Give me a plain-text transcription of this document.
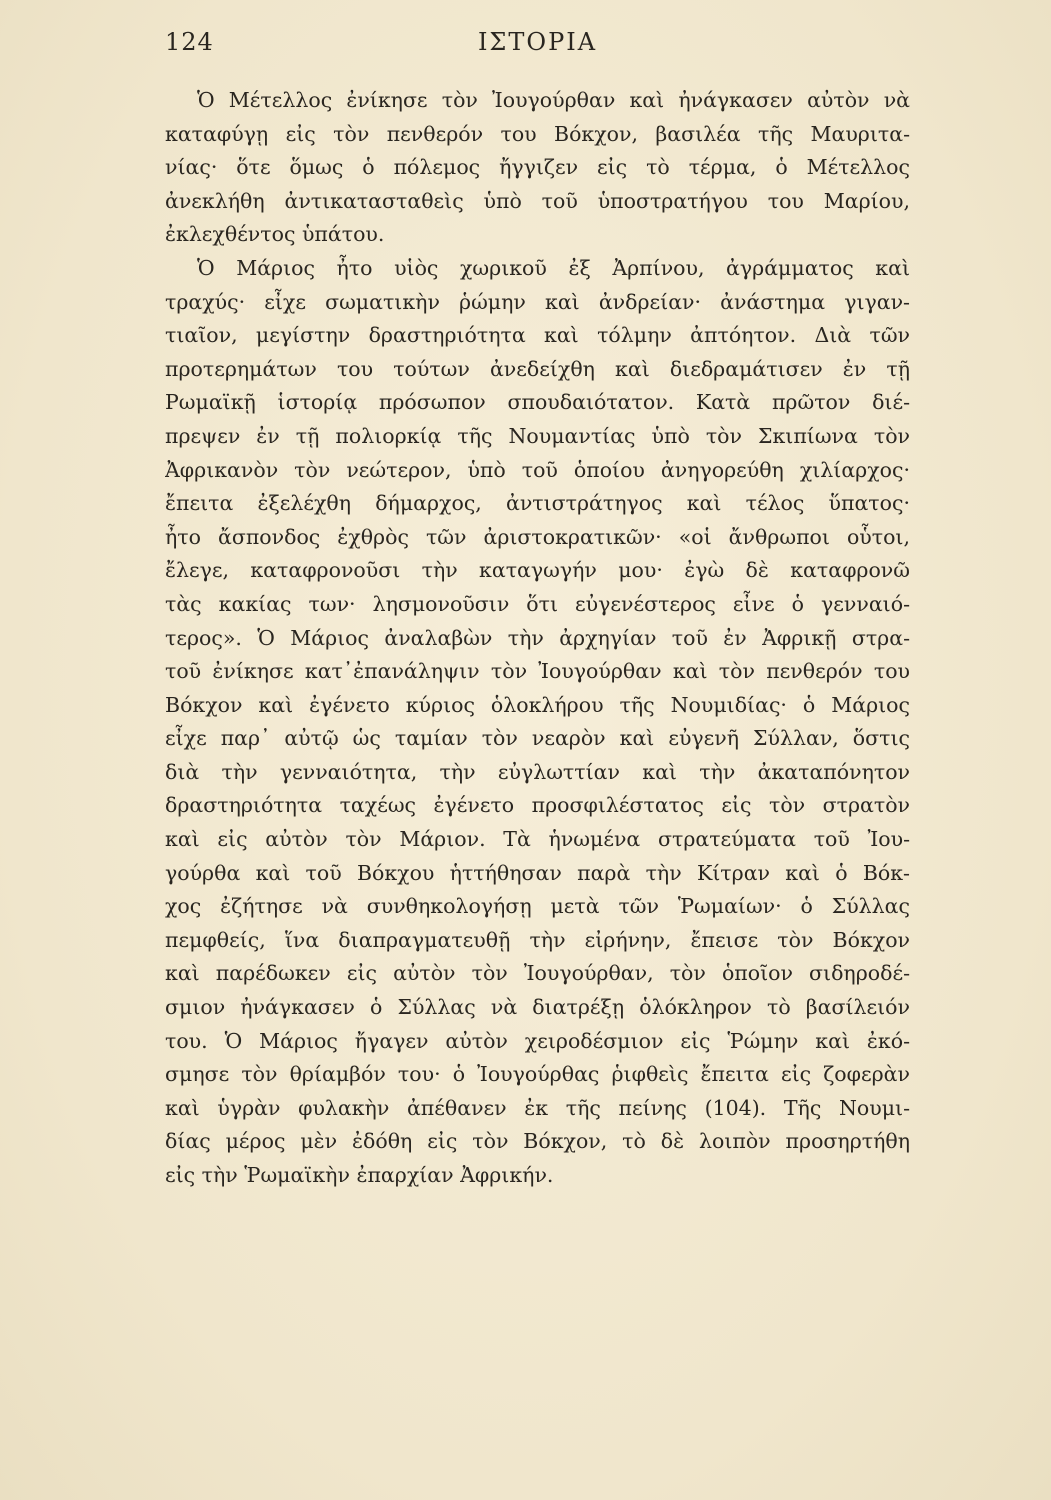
124	ΙΣΤΟΡΙΑ
Ὁ Μέτελλος ἐνίκησε τὸν Ἰουγούρθαν καὶ ἠνάγκασεν αὐτὸν νὰ
καταφύγῃ εἰς τὸν πενθερόν του Βόκχον, βασιλέα τῆς Μαυριτα-
νίας· ὅτε ὅμως ὁ πόλεμος ἤγγιζεν εἰς τὸ τέρμα, ὁ Μέτελλος
ἀνεκλήθη ἀντικατασταθεὶς ὑπὸ τοῦ ὑποστρατήγου του Μαρίου,
ἐκλεχθέντος ὑπάτου.
Ὁ Μάριος ἦτο υἱὸς χωρικοῦ ἐξ Ἀρπίνου, ἀγράμματος καὶ
τραχύς· εἶχε σωματικὴν ῥώμην καὶ ἀνδρείαν· ἀνάστημα γιγαν-
τιαῖον, μεγίστην δραστηριότητα καὶ τόλμην ἀπτόητον. Διὰ τῶν
προτερημάτων του τούτων ἀνεδείχθη καὶ διεδραμάτισεν ἐν τῇ
Ρωμαϊκῇ ἱστορίᾳ πρόσωπον σπουδαιότατον. Κατὰ πρῶτον διέ-
πρεψεν ἐν τῇ πολιορκίᾳ τῆς Νουμαντίας ὑπὸ τὸν Σκιπίωνα τὸν
Ἀφρικανὸν τὸν νεώτερον, ὑπὸ τοῦ ὁποίου ἀνηγορεύθη χιλίαρχος·
ἔπειτα ἐξελέχθη δήμαρχος, ἀντιστράτηγος καὶ τέλος ὕπατος·
ἦτο ἄσπονδος ἐχθρὸς τῶν ἀριστοκρατικῶν· «οἱ ἄνθρωποι οὗτοι,
ἔλεγε, καταφρονοῦσι τὴν καταγωγήν μου· ἐγὼ δὲ καταφρονῶ
τὰς κακίας των· λησμονοῦσιν ὅτι εὐγενέστερος εἶνε ὁ γενναιό-
τερος». Ὁ Μάριος ἀναλαβὼν τὴν ἀρχηγίαν τοῦ ἐν Ἀφρικῇ στρα-
τοῦ ἐνίκησε κατ᾽ἐπανάληψιν τὸν Ἰουγούρθαν καὶ τὸν πενθερόν του
Βόκχον καὶ ἐγένετο κύριος ὁλοκλήρου τῆς Νουμιδίας· ὁ Μάριος
εἶχε παρ᾽ αὐτῷ ὡς ταμίαν τὸν νεαρὸν καὶ εὐγενῆ Σύλλαν, ὅστις
διὰ τὴν γενναιότητα, τὴν εὐγλωττίαν καὶ τὴν ἀκαταπόνητον
δραστηριότητα ταχέως ἐγένετο προσφιλέστατος εἰς τὸν στρατὸν
καὶ εἰς αὐτὸν τὸν Μάριον. Τὰ ἡνωμένα στρατεύματα τοῦ Ἰου-
γούρθα καὶ τοῦ Βόκχου ἡττήθησαν παρὰ τὴν Κίτραν καὶ ὁ Βόκ-
χος ἐζήτησε νὰ συνθηκολογήσῃ μετὰ τῶν Ῥωμαίων· ὁ Σύλλας
πεμφθείς, ἵνα διαπραγματευθῇ τὴν εἰρήνην, ἔπεισε τὸν Βόκχον
καὶ παρέδωκεν εἰς αὐτὸν τὸν Ἰουγούρθαν, τὸν ὁποῖον σιδηροδέ-
σμιον ἠνάγκασεν ὁ Σύλλας νὰ διατρέξῃ ὁλόκληρον τὸ βασίλειόν
του. Ὁ Μάριος ἤγαγεν αὐτὸν χειροδέσμιον εἰς Ῥώμην καὶ ἐκό-
σμησε τὸν θρίαμβόν του· ὁ Ἰουγούρθας ῥιφθεὶς ἔπειτα εἰς ζοφερὰν
καὶ ὑγρὰν φυλακὴν ἀπέθανεν ἐκ τῆς πείνης (104). Τῆς Νουμι-
δίας μέρος μὲν ἐδόθη εἰς τὸν Βόκχον, τὸ δὲ λοιπὸν προσηρτήθη
εἰς τὴν Ῥωμαϊκὴν ἐπαρχίαν Ἀφρικήν.
